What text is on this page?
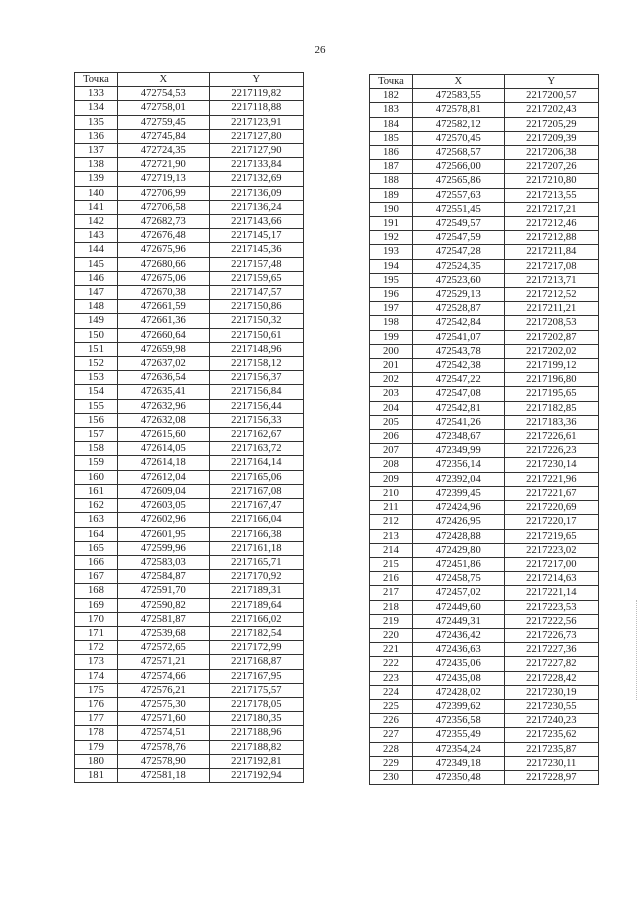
26
Точка	X	Y
133	472754,53	2217119,82
134	472758,01	2217118,88
135	472759,45	2217123,91
136	472745,84	2217127,80
137	472724,35	2217127,90
138	472721,90	2217133,84
139	472719,13	2217132,69
140	472706,99	2217136,09
141	472706,58	2217136,24
142	472682,73	2217143,66
143	472676,48	2217145,17
144	472675,96	2217145,36
145	472680,66	2217157,48
146	472675,06	2217159,65
147	472670,38	2217147,57
148	472661,59	2217150,86
149	472661,36	2217150,32
150	472660,64	2217150,61
151	472659,98	2217148,96
152	472637,02	2217158,12
153	472636,54	2217156,37
154	472635,41	2217156,84
155	472632,96	2217156,44
156	472632,08	2217156,33
157	472615,60	2217162,67
158	472614,05	2217163,72
159	472614,18	2217164,14
160	472612,04	2217165,06
161	472609,04	2217167,08
162	472603,05	2217167,47
163	472602,96	2217166,04
164	472601,95	2217166,38
165	472599,96	2217161,18
166	472583,03	2217165,71
167	472584,87	2217170,92
168	472591,70	2217189,31
169	472590,82	2217189,64
170	472581,87	2217166,02
171	472539,68	2217182,54
172	472572,65	2217172,99
173	472571,21	2217168,87
174	472574,66	2217167,95
175	472576,21	2217175,57
176	472575,30	2217178,05
177	472571,60	2217180,35
178	472574,51	2217188,96
179	472578,76	2217188,82
180	472578,90	2217192,81
181	472581,18	2217192,94
Точка	X	Y
182	472583,55	2217200,57
183	472578,81	2217202,43
184	472582,12	2217205,29
185	472570,45	2217209,39
186	472568,57	2217206,38
187	472566,00	2217207,26
188	472565,86	2217210,80
189	472557,63	2217213,55
190	472551,45	2217217,21
191	472549,57	2217212,46
192	472547,59	2217212,88
193	472547,28	2217211,84
194	472524,35	2217217,08
195	472523,60	2217213,71
196	472529,13	2217212,52
197	472528,87	2217211,21
198	472542,84	2217208,53
199	472541,07	2217202,87
200	472543,78	2217202,02
201	472542,38	2217199,12
202	472547,22	2217196,80
203	472547,08	2217195,65
204	472542,81	2217182,85
205	472541,26	2217183,36
206	472348,67	2217226,61
207	472349,99	2217226,23
208	472356,14	2217230,14
209	472392,04	2217221,96
210	472399,45	2217221,67
211	472424,96	2217220,69
212	472426,95	2217220,17
213	472428,88	2217219,65
214	472429,80	2217223,02
215	472451,86	2217217,00
216	472458,75	2217214,63
217	472457,02	2217221,14
218	472449,60	2217223,53
219	472449,31	2217222,56
220	472436,42	2217226,73
221	472436,63	2217227,36
222	472435,06	2217227,82
223	472435,08	2217228,42
224	472428,02	2217230,19
225	472399,62	2217230,55
226	472356,58	2217240,23
227	472355,49	2217235,62
228	472354,24	2217235,87
229	472349,18	2217230,11
230	472350,48	2217228,97
